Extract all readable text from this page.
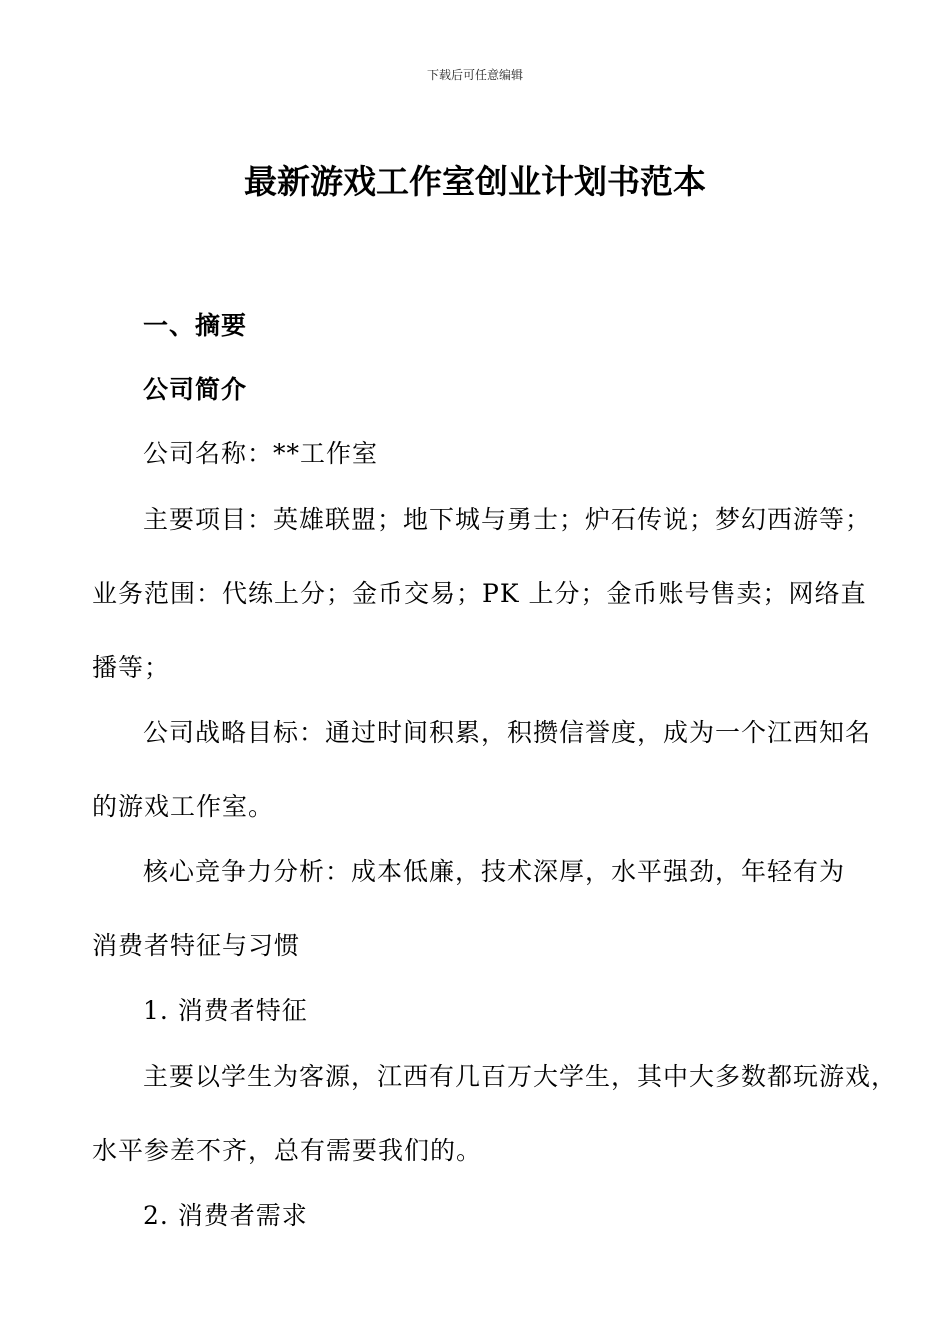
下载后可任意编辑
最新游戏工作室创业计划书范本
一、摘要
公司简介
公司名称：**工作室
主要项目：英雄联盟；地下城与勇士；炉石传说；梦幻西游等；
业务范围：代练上分；金币交易；PK 上分；金币账号售卖；网络直
播等；
公司战略目标：通过时间积累，积攒信誉度，成为一个江西知名
的游戏工作室。
核心竞争力分析：成本低廉，技术深厚，水平强劲，年轻有为
消费者特征与习惯
1. 消费者特征
主要以学生为客源，江西有几百万大学生，其中大多数都玩游戏，
水平参差不齐，总有需要我们的。
2. 消费者需求
